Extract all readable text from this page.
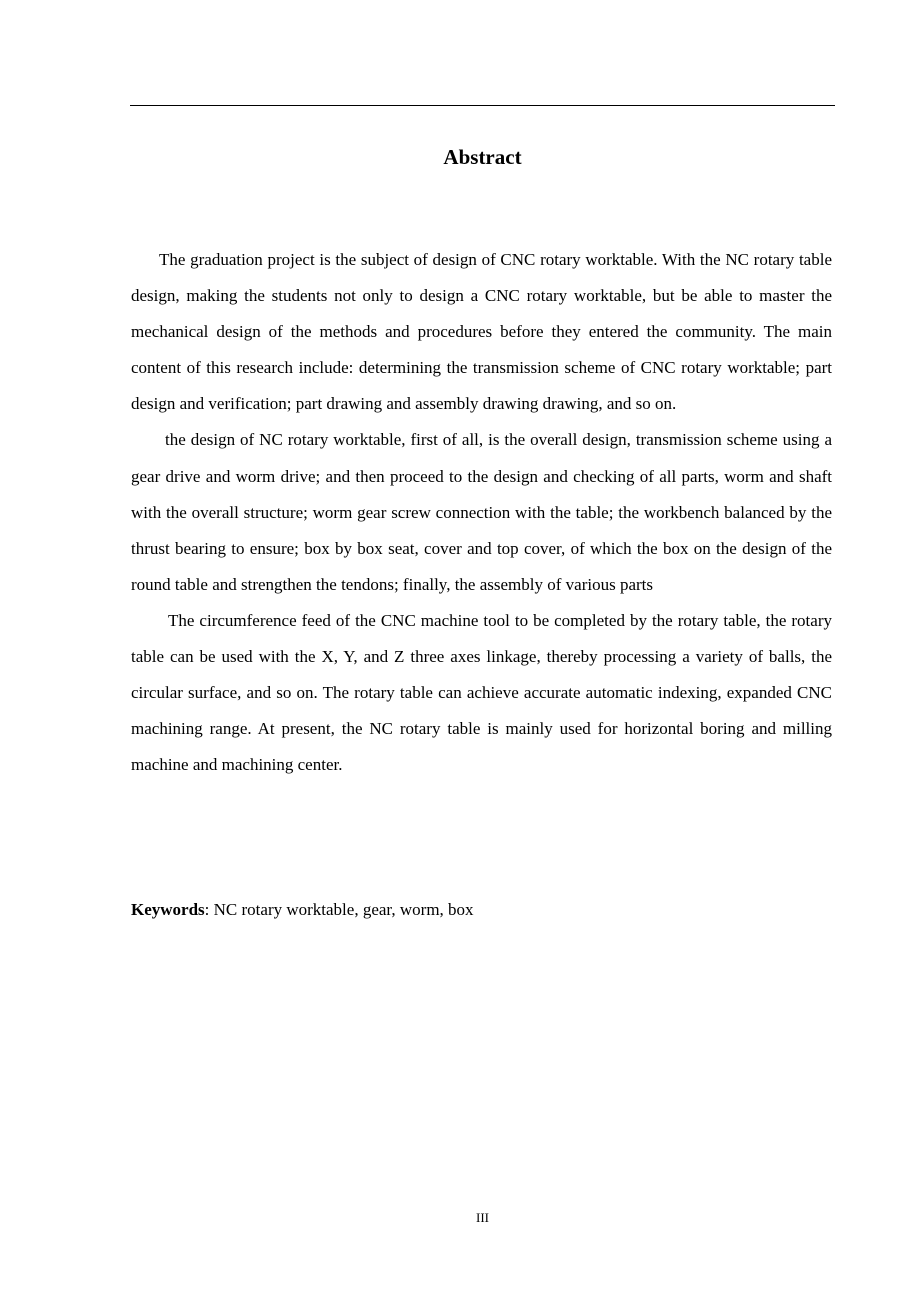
Abstract

The graduation project is the subject of design of CNC rotary worktable. With the NC rotary table design, making the students not only to design a CNC rotary worktable, but be able to master the mechanical design of the methods and procedures before they entered the community. The main content of this research include: determining the transmission scheme of CNC rotary worktable; part design and verification; part drawing and assembly drawing drawing, and so on.

the design of NC rotary worktable, first of all, is the overall design, transmission scheme using a gear drive and worm drive; and then proceed to the design and checking of all parts, worm and shaft with the overall structure; worm gear screw connection with the table; the workbench balanced by the thrust bearing to ensure; box by box seat, cover and top cover, of which the box on the design of the round table and strengthen the tendons; finally, the assembly of various parts

The circumference feed of the CNC machine tool to be completed by the rotary table, the rotary table can be used with the X, Y, and Z three axes linkage, thereby processing a variety of balls, the circular surface, and so on. The rotary table can achieve accurate automatic indexing, expanded CNC machining range. At present, the NC rotary table is mainly used for horizontal boring and milling machine and machining center.

Keywords: NC rotary worktable, gear, worm, box
III
